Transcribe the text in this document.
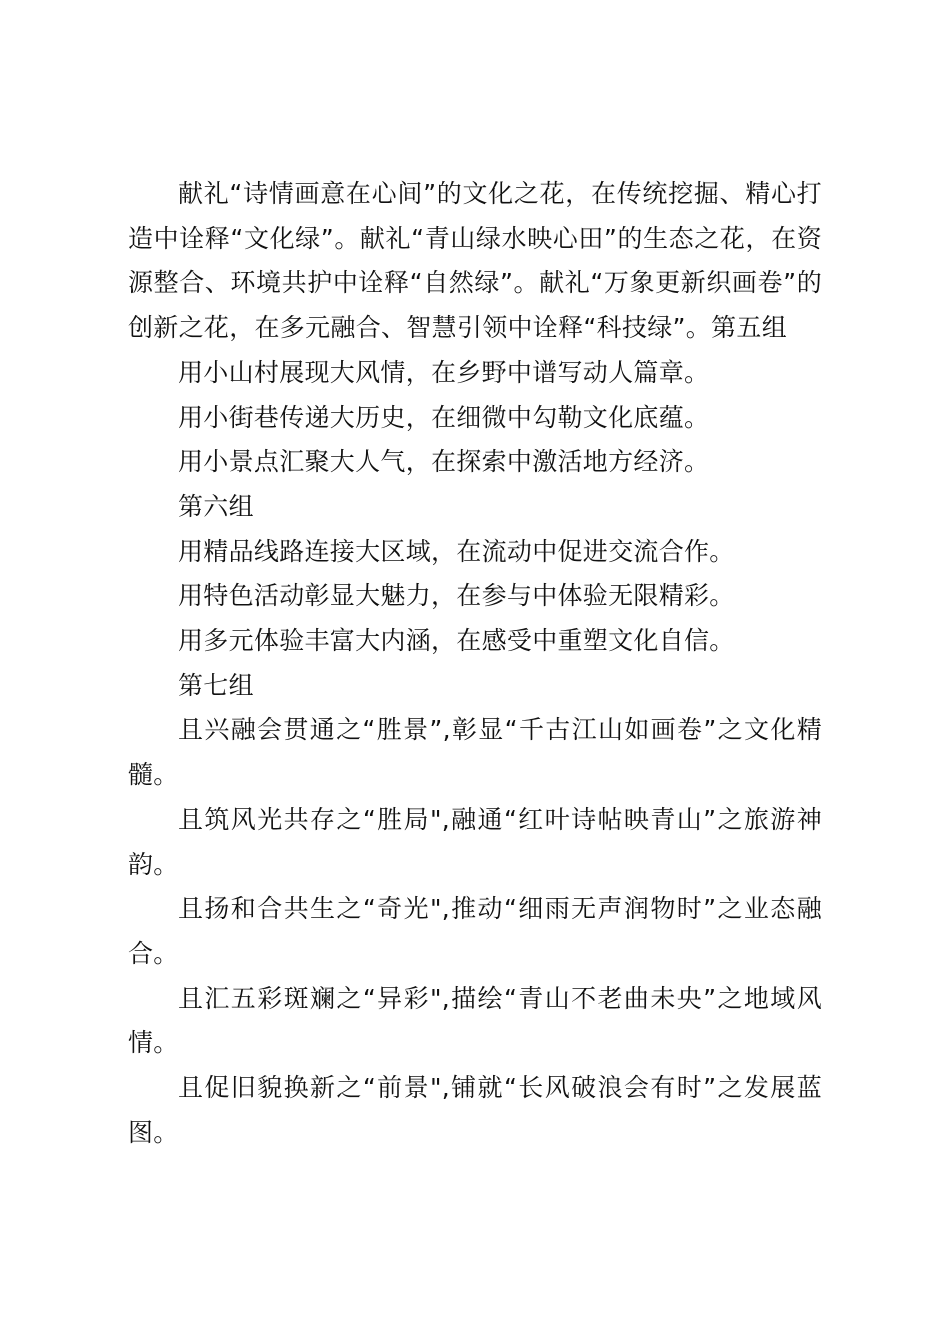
献礼“诗情画意在心间”的文化之花，在传统挖掘、精心打造中诠释“文化绿”。献礼“青山绿水映心田”的生态之花，在资源整合、环境共护中诠释“自然绿”。献礼“万象更新织画卷”的创新之花，在多元融合、智慧引领中诠释“科技绿”。第五组

用小山村展现大风情，在乡野中谱写动人篇章。

用小街巷传递大历史，在细微中勾勒文化底蕴。

用小景点汇聚大人气，在探索中激活地方经济。

第六组

用精品线路连接大区域，在流动中促进交流合作。

用特色活动彰显大魅力，在参与中体验无限精彩。

用多元体验丰富大内涵，在感受中重塑文化自信。

第七组

且兴融会贯通之“胜景”,彰显“千古江山如画卷”之文化精髓。

且筑风光共存之“胜局",融通“红叶诗帖映青山”之旅游神韵。

且扬和合共生之“奇光",推动“细雨无声润物时”之业态融合。

且汇五彩斑斓之“异彩",描绘“青山不老曲未央”之地域风情。

且促旧貌换新之“前景",铺就“长风破浪会有时”之发展蓝图。
